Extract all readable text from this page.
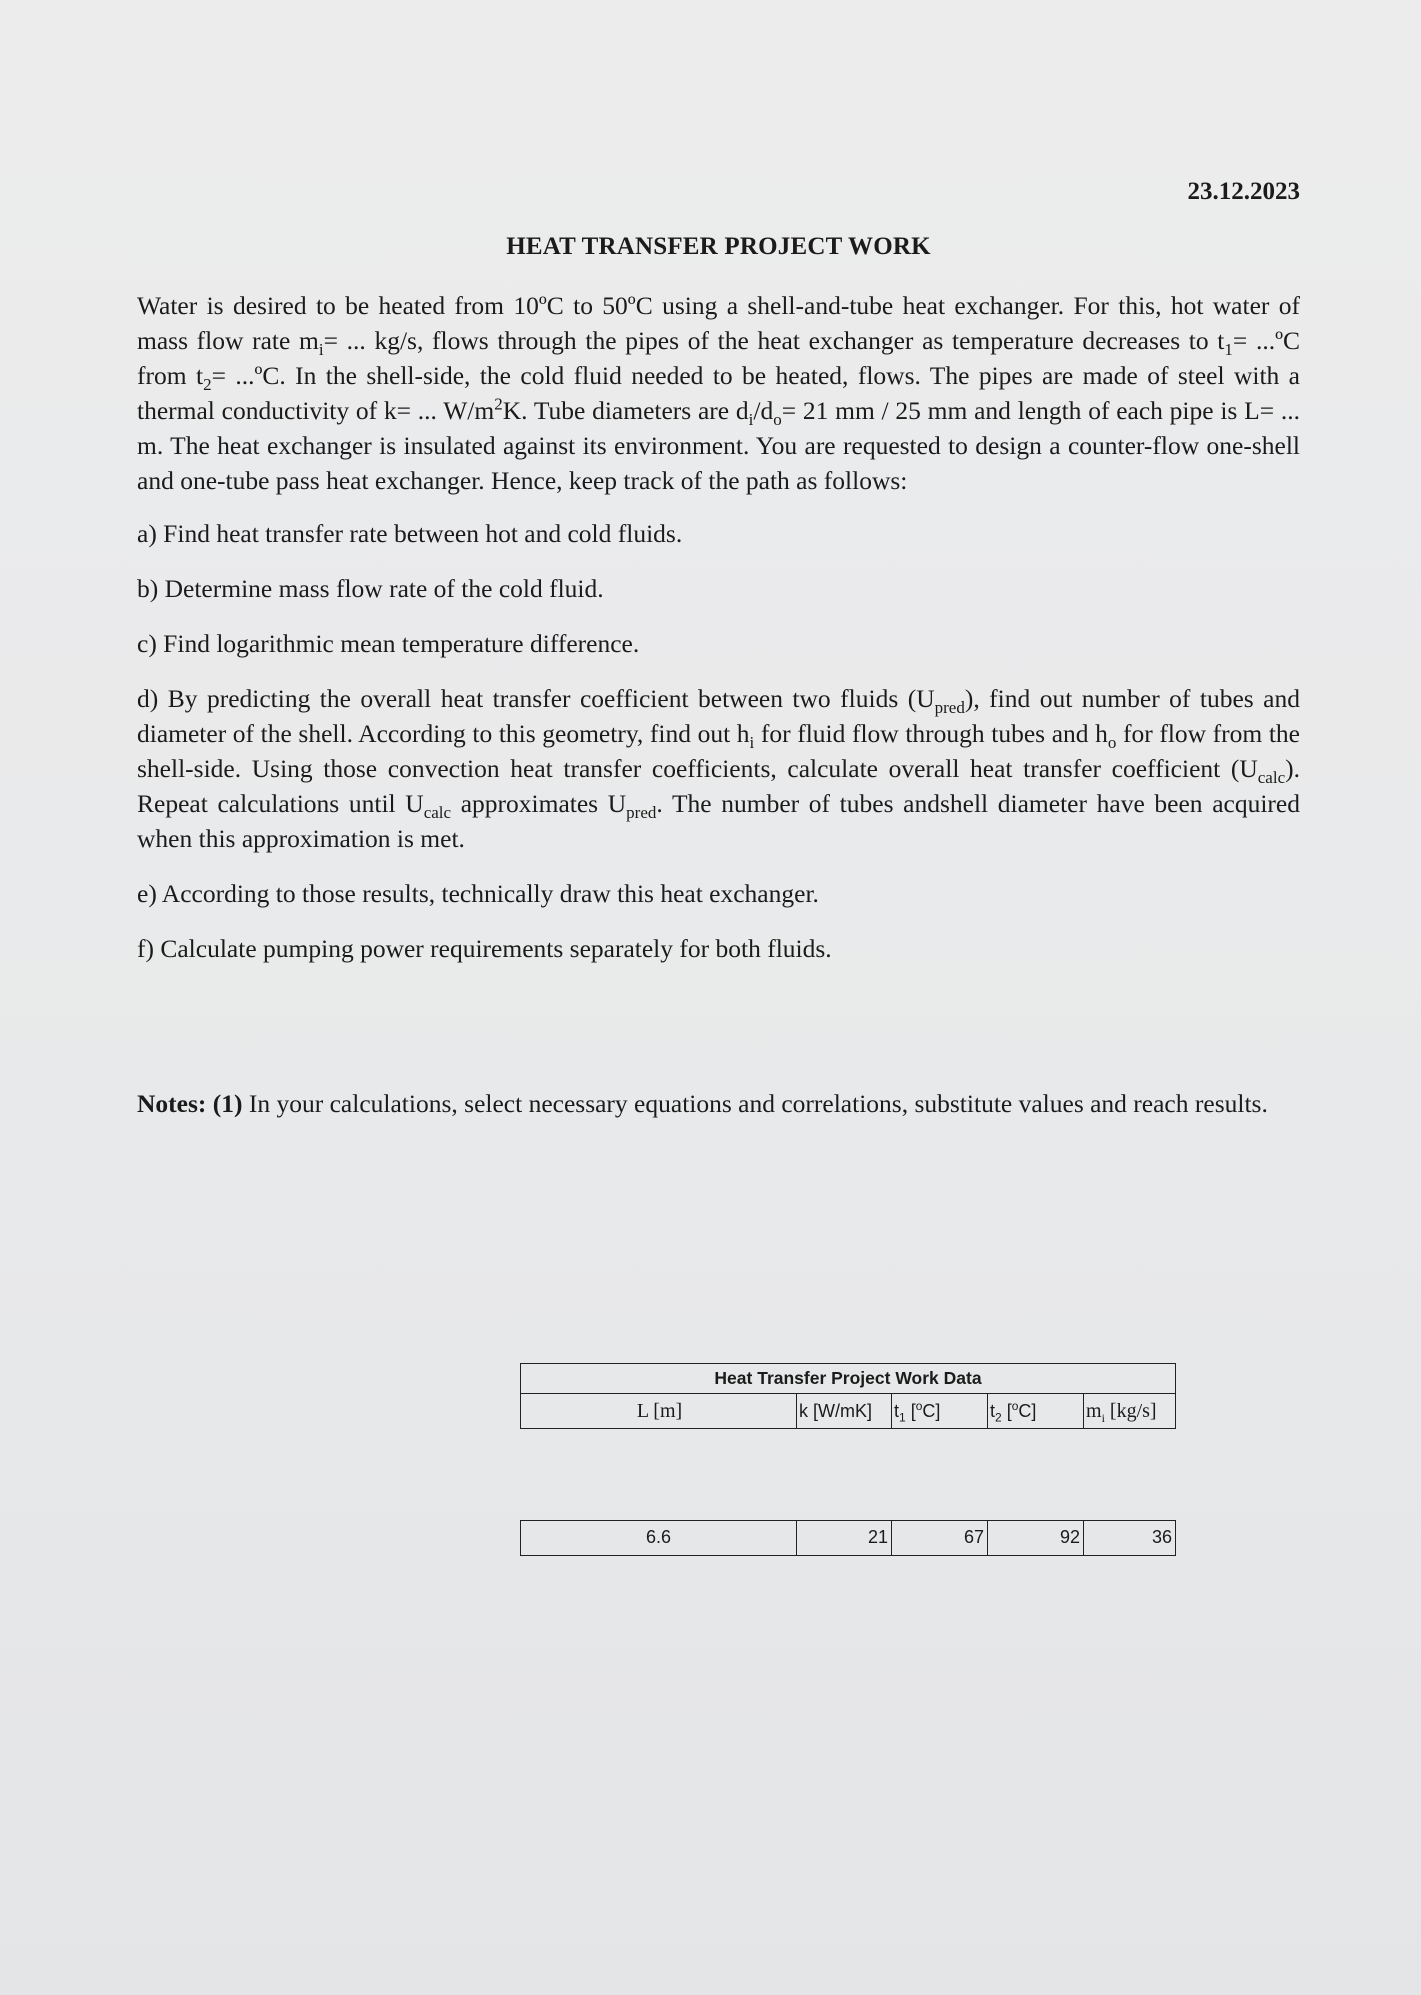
23.12.2023
HEAT TRANSFER PROJECT WORK

Water is desired to be heated from 10ºC to 50ºC using a shell-and-tube heat exchanger. For this, hot water of mass flow rate $m_i=$ ... kg/s, flows through the pipes of the heat exchanger as temperature decreases to $t_1=$ ...ºC from $t_2=$ ...ºC. In the shell-side, the cold fluid needed to be heated, flows. The pipes are made of steel with a thermal conductivity of k= ... $W/m^2K$. Tube diameters are $d_i/d_o= 21$ mm / 25 mm and length of each pipe is L= ... m. The heat exchanger is insulated against its environment. You are requested to design a counter-flow one-shell and one-tube pass heat exchanger. Hence, keep track of the path as follows:

a) Find heat transfer rate between hot and cold fluids.

b) Determine mass flow rate of the cold fluid.

c) Find logarithmic mean temperature difference.

d) By predicting the overall heat transfer coefficient between two fluids $(U_{pred})$, find out number of tubes and diameter of the shell. According to this geometry, find out $h_i$ for fluid flow through tubes and $h_o$ for flow from the shell-side. Using those convection heat transfer coefficients, calculate overall heat transfer coefficient $(U_{calc})$. Repeat calculations until $U_{calc}$ approximates $U_{pred}$. The number of tubes andshell diameter have been acquired when this approximation is met.

e) According to those results, technically draw this heat exchanger.

f) Calculate pumping power requirements separately for both fluids.

Notes: (1) In your calculations, select necessary equations and correlations, substitute values and reach results.
Heat Transfer Project Work Data
L [m]	k [W/mK]	$t_1$ [$^o$C]	$t_2$ [$^o$C]	$m_i$ [kg/s]
6.6	21	67	92	36
